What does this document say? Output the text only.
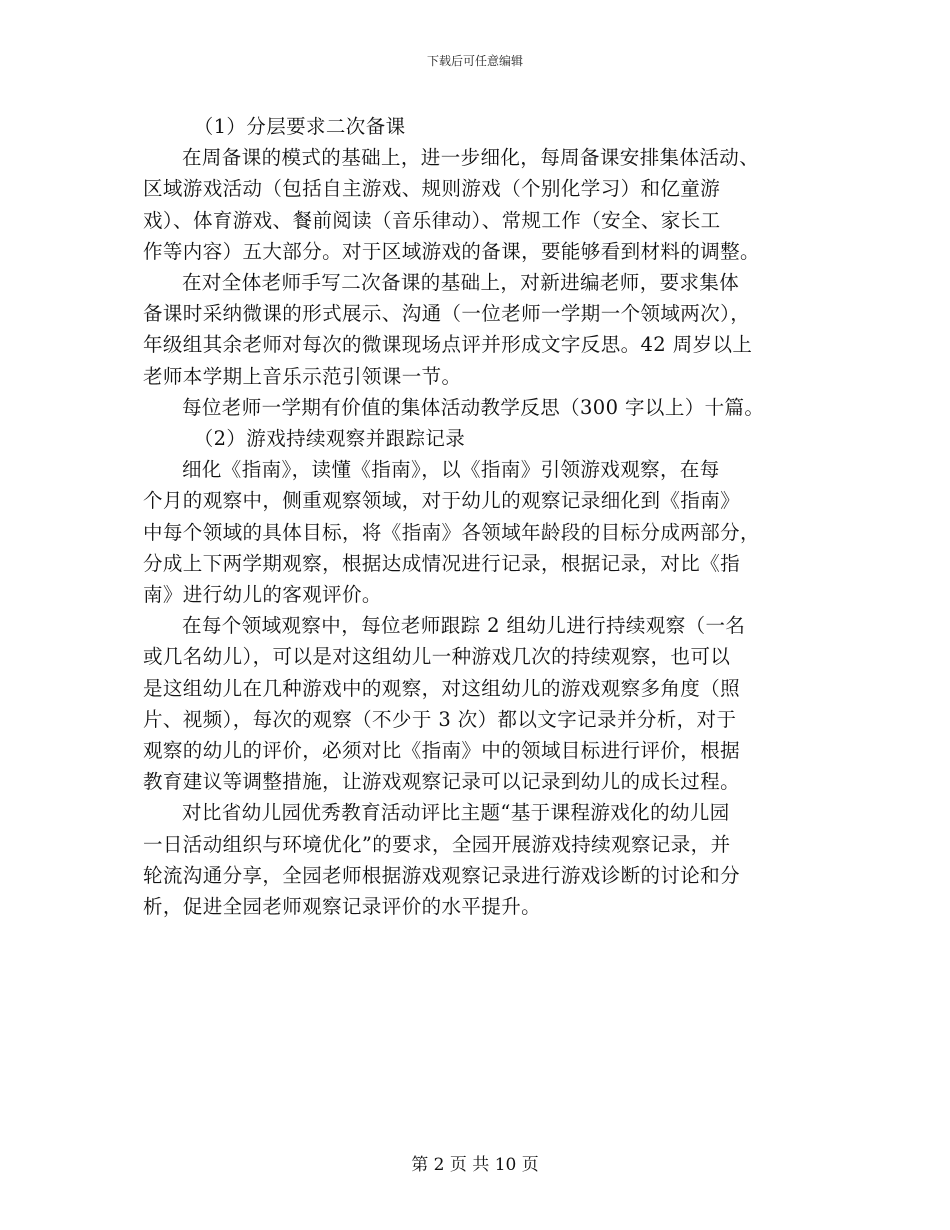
下载后可任意编辑

（1）分层要求二次备课

在周备课的模式的基础上，进一步细化，每周备课安排集体活动、
区域游戏活动（包括自主游戏、规则游戏（个别化学习）和亿童游
戏）、体育游戏、餐前阅读（音乐律动）、常规工作（安全、家长工
作等内容）五大部分。对于区域游戏的备课，要能够看到材料的调整。

在对全体老师手写二次备课的基础上，对新进编老师，要求集体
备课时采纳微课的形式展示、沟通（一位老师一学期一个领域两次），
年级组其余老师对每次的微课现场点评并形成文字反思。42 周岁以上
老师本学期上音乐示范引领课一节。

每位老师一学期有价值的集体活动教学反思（300 字以上）十篇。

（2）游戏持续观察并跟踪记录

细化《指南》，读懂《指南》，以《指南》引领游戏观察，在每
个月的观察中，侧重观察领域，对于幼儿的观察记录细化到《指南》
中每个领域的具体目标，将《指南》各领域年龄段的目标分成两部分，
分成上下两学期观察，根据达成情况进行记录，根据记录，对比《指
南》进行幼儿的客观评价。

在每个领域观察中，每位老师跟踪 2 组幼儿进行持续观察（一名
或几名幼儿），可以是对这组幼儿一种游戏几次的持续观察，也可以
是这组幼儿在几种游戏中的观察，对这组幼儿的游戏观察多角度（照
片、视频），每次的观察（不少于 3 次）都以文字记录并分析，对于
观察的幼儿的评价，必须对比《指南》中的领域目标进行评价，根据
教育建议等调整措施，让游戏观察记录可以记录到幼儿的成长过程。

对比省幼儿园优秀教育活动评比主题“基于课程游戏化的幼儿园
一日活动组织与环境优化”的要求，全园开展游戏持续观察记录，并
轮流沟通分享，全园老师根据游戏观察记录进行游戏诊断的讨论和分
析，促进全园老师观察记录评价的水平提升。

第 2 页 共 10 页
